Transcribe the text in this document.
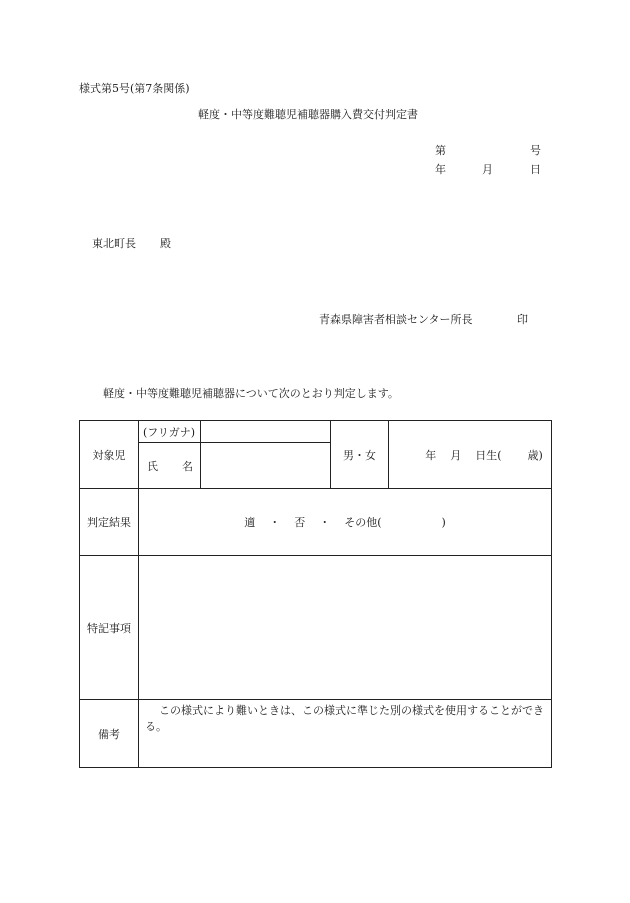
様式第5号(第7条関係)
軽度・中等度難聴児補聴器購入費交付判定書
第	号
年	月	日
東北町長 殿
青森県障害者相談センター所長	印
軽度・中等度難聴児補聴器について次のとおり判定します。
対象児	(フリガナ)		男・女	年 月 日生( 歳)
	氏 名			
判定結果	適 ・ 否 ・ その他( )			
特記事項				
備考	この様式により難いときは、この様式に準じた別の様式を使用することができる。			
